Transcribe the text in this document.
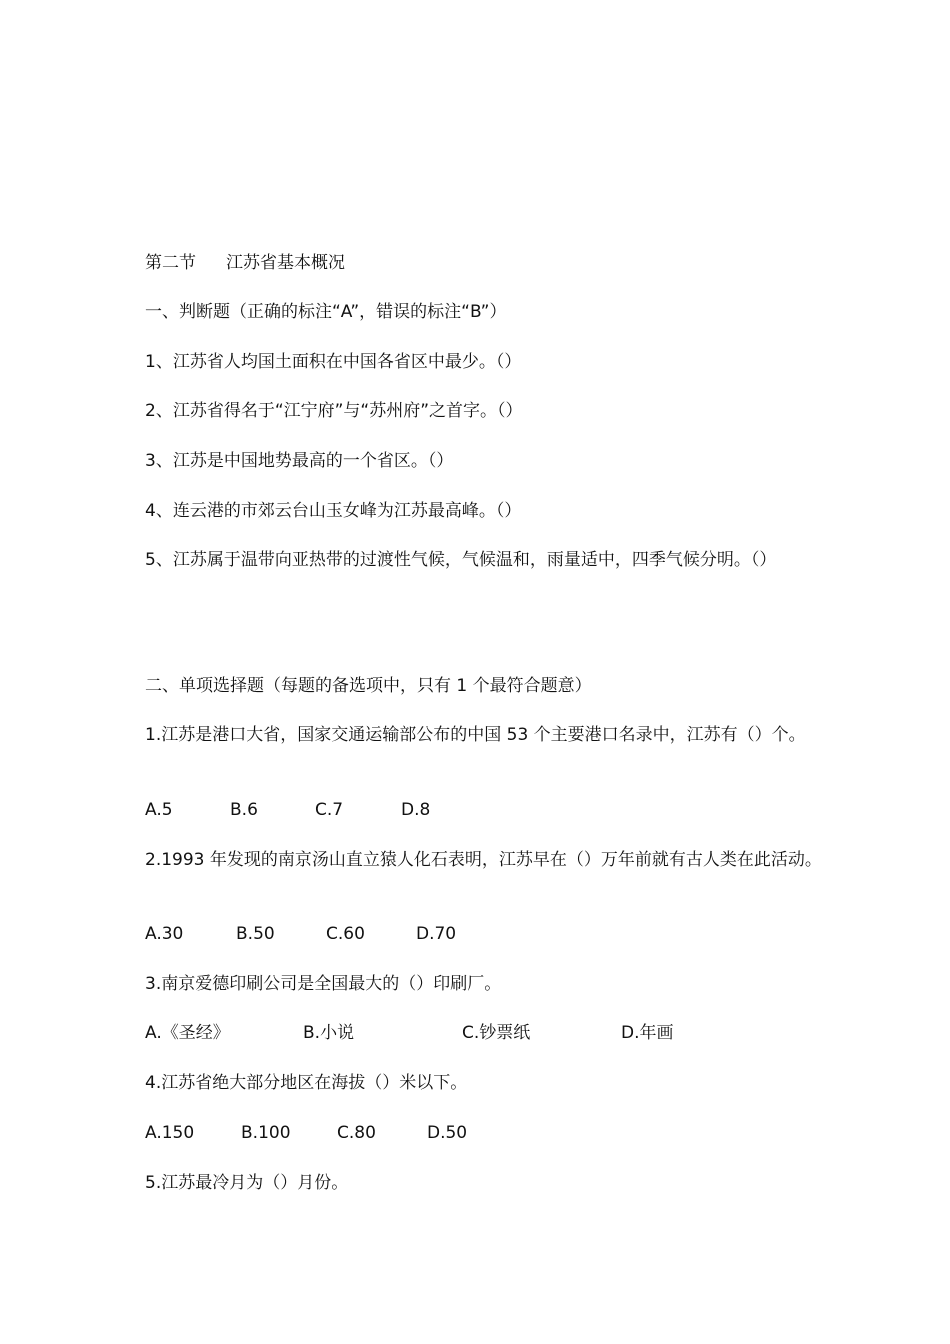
第二节 江苏省基本概况
一、判断题（正确的标注“A”，错误的标注“B”）
1、江苏省人均国土面积在中国各省区中最少。（）
2、江苏省得名于“江宁府”与“苏州府”之首字。（）
3、江苏是中国地势最高的一个省区。（）
4、连云港的市郊云台山玉女峰为江苏最高峰。（）
5、江苏属于温带向亚热带的过渡性气候，气候温和，雨量适中，四季气候分明。（）
二、单项选择题（每题的备选项中，只有 1 个最符合题意）
1.江苏是港口大省，国家交通运输部公布的中国 53 个主要港口名录中，江苏有（）个。
A.5	B.6	C.7	D.8
2.1993 年发现的南京汤山直立猿人化石表明，江苏早在（）万年前就有古人类在此活动。
A.30	B.50	C.60	D.70
3.南京爱德印刷公司是全国最大的（）印刷厂。
A.《圣经》	B.小说	C.钞票纸	D.年画
4.江苏省绝大部分地区在海拔（）米以下。
A.150	B.100	C.80	D.50
5.江苏最冷月为（）月份。
